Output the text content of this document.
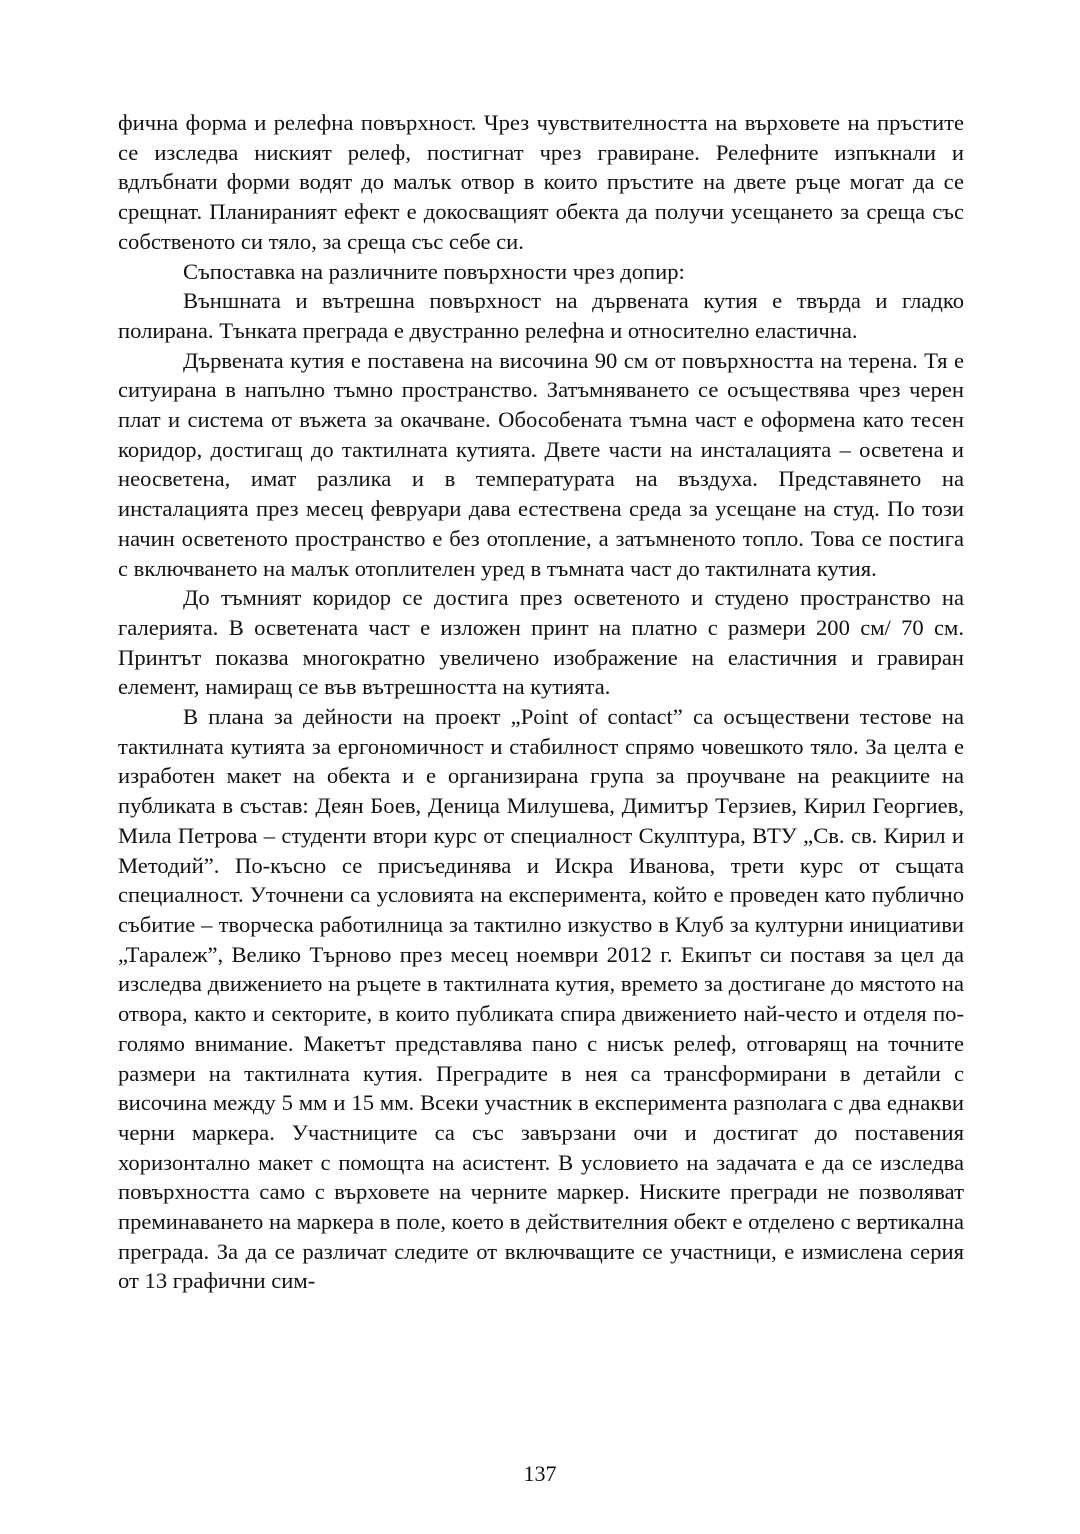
фична форма и релефна повърхност. Чрез чувствителността на върховете на пръстите се изследва ниският релеф, постигнат чрез гравиране. Релефните изпъкнали и вдлъбнати форми водят до малък отвор в които пръстите на двете ръце могат да се срещнат. Планираният ефект е докосващият обекта да получи усещането за среща със собственото си тяло, за среща със себе си.

Съпоставка на различните повърхности чрез допир:

Външната и вътрешна повърхност на дървената кутия е твърда и гладко полирана. Тънката преграда е двустранно релефна и относително еластична.

Дървената кутия е поставена на височина 90 см от повърхността на терена. Тя е ситуирана в напълно тъмно пространство. Затъмняването се осъществява чрез черен плат и система от въжета за окачване. Обособената тъмна част е оформена като тесен коридор, достигащ до тактилната кутията. Двете части на инсталацията – осветена и неосветена, имат разлика и в температурата на въздуха. Представянето на инсталацията през месец февруари дава естествена среда за усещане на студ. По този начин осветеното пространство е без отопление, а затъмненото топло. Това се постига с включването на малък отоплителен уред в тъмната част до тактилната кутия.

До тъмният коридор се достига през осветеното и студено пространство на галерията. В осветената част е изложен принт на платно с размери 200 см/ 70 см. Принтът показва многократно увеличено изображение на еластичния и гравиран елемент, намиращ се във вътрешността на кутията.

В плана за дейности на проект „Point of contact” са осъществени тестове на тактилната кутията за ергономичност и стабилност спрямо човешкото тяло. За целта е изработен макет на обекта и е организирана група за проучване на реакциите на публиката в състав: Деян Боев, Деница Милушева, Димитър Терзиев, Кирил Георгиев, Мила Петрова – студенти втори курс от специалност Скулптура, ВТУ „Св. св. Кирил и Методий”. По-късно се присъединява и Искра Иванова, трети курс от същата специалност. Уточнени са условията на експеримента, който е проведен като публично събитие – творческа работилница за тактилно изкуство в Клуб за културни инициативи „Таралеж”, Велико Търново през месец ноември 2012 г. Екипът си поставя за цел да изследва движението на ръцете в тактилната кутия, времето за достигане до мястото на отвора, както и секторите, в които публиката спира движението най-често и отделя по-голямо внимание. Макетът представлява пано с нисък релеф, отговарящ на точните размери на тактилната кутия. Преградите в нея са трансформирани в детайли с височина между 5 мм и 15 мм. Всеки участник в експеримента разполага с два еднакви черни маркера. Участниците са със завързани очи и достигат до поставения хоризонтално макет с помощта на асистент. В условието на задачата е да се изследва повърхността само с върховете на черните маркер. Ниските прегради не позволяват преминаването на маркера в поле, което в действителния обект е отделено с вертикална преграда. За да се различат следите от включващите се участници, е измислена серия от 13 графични сим-

137
